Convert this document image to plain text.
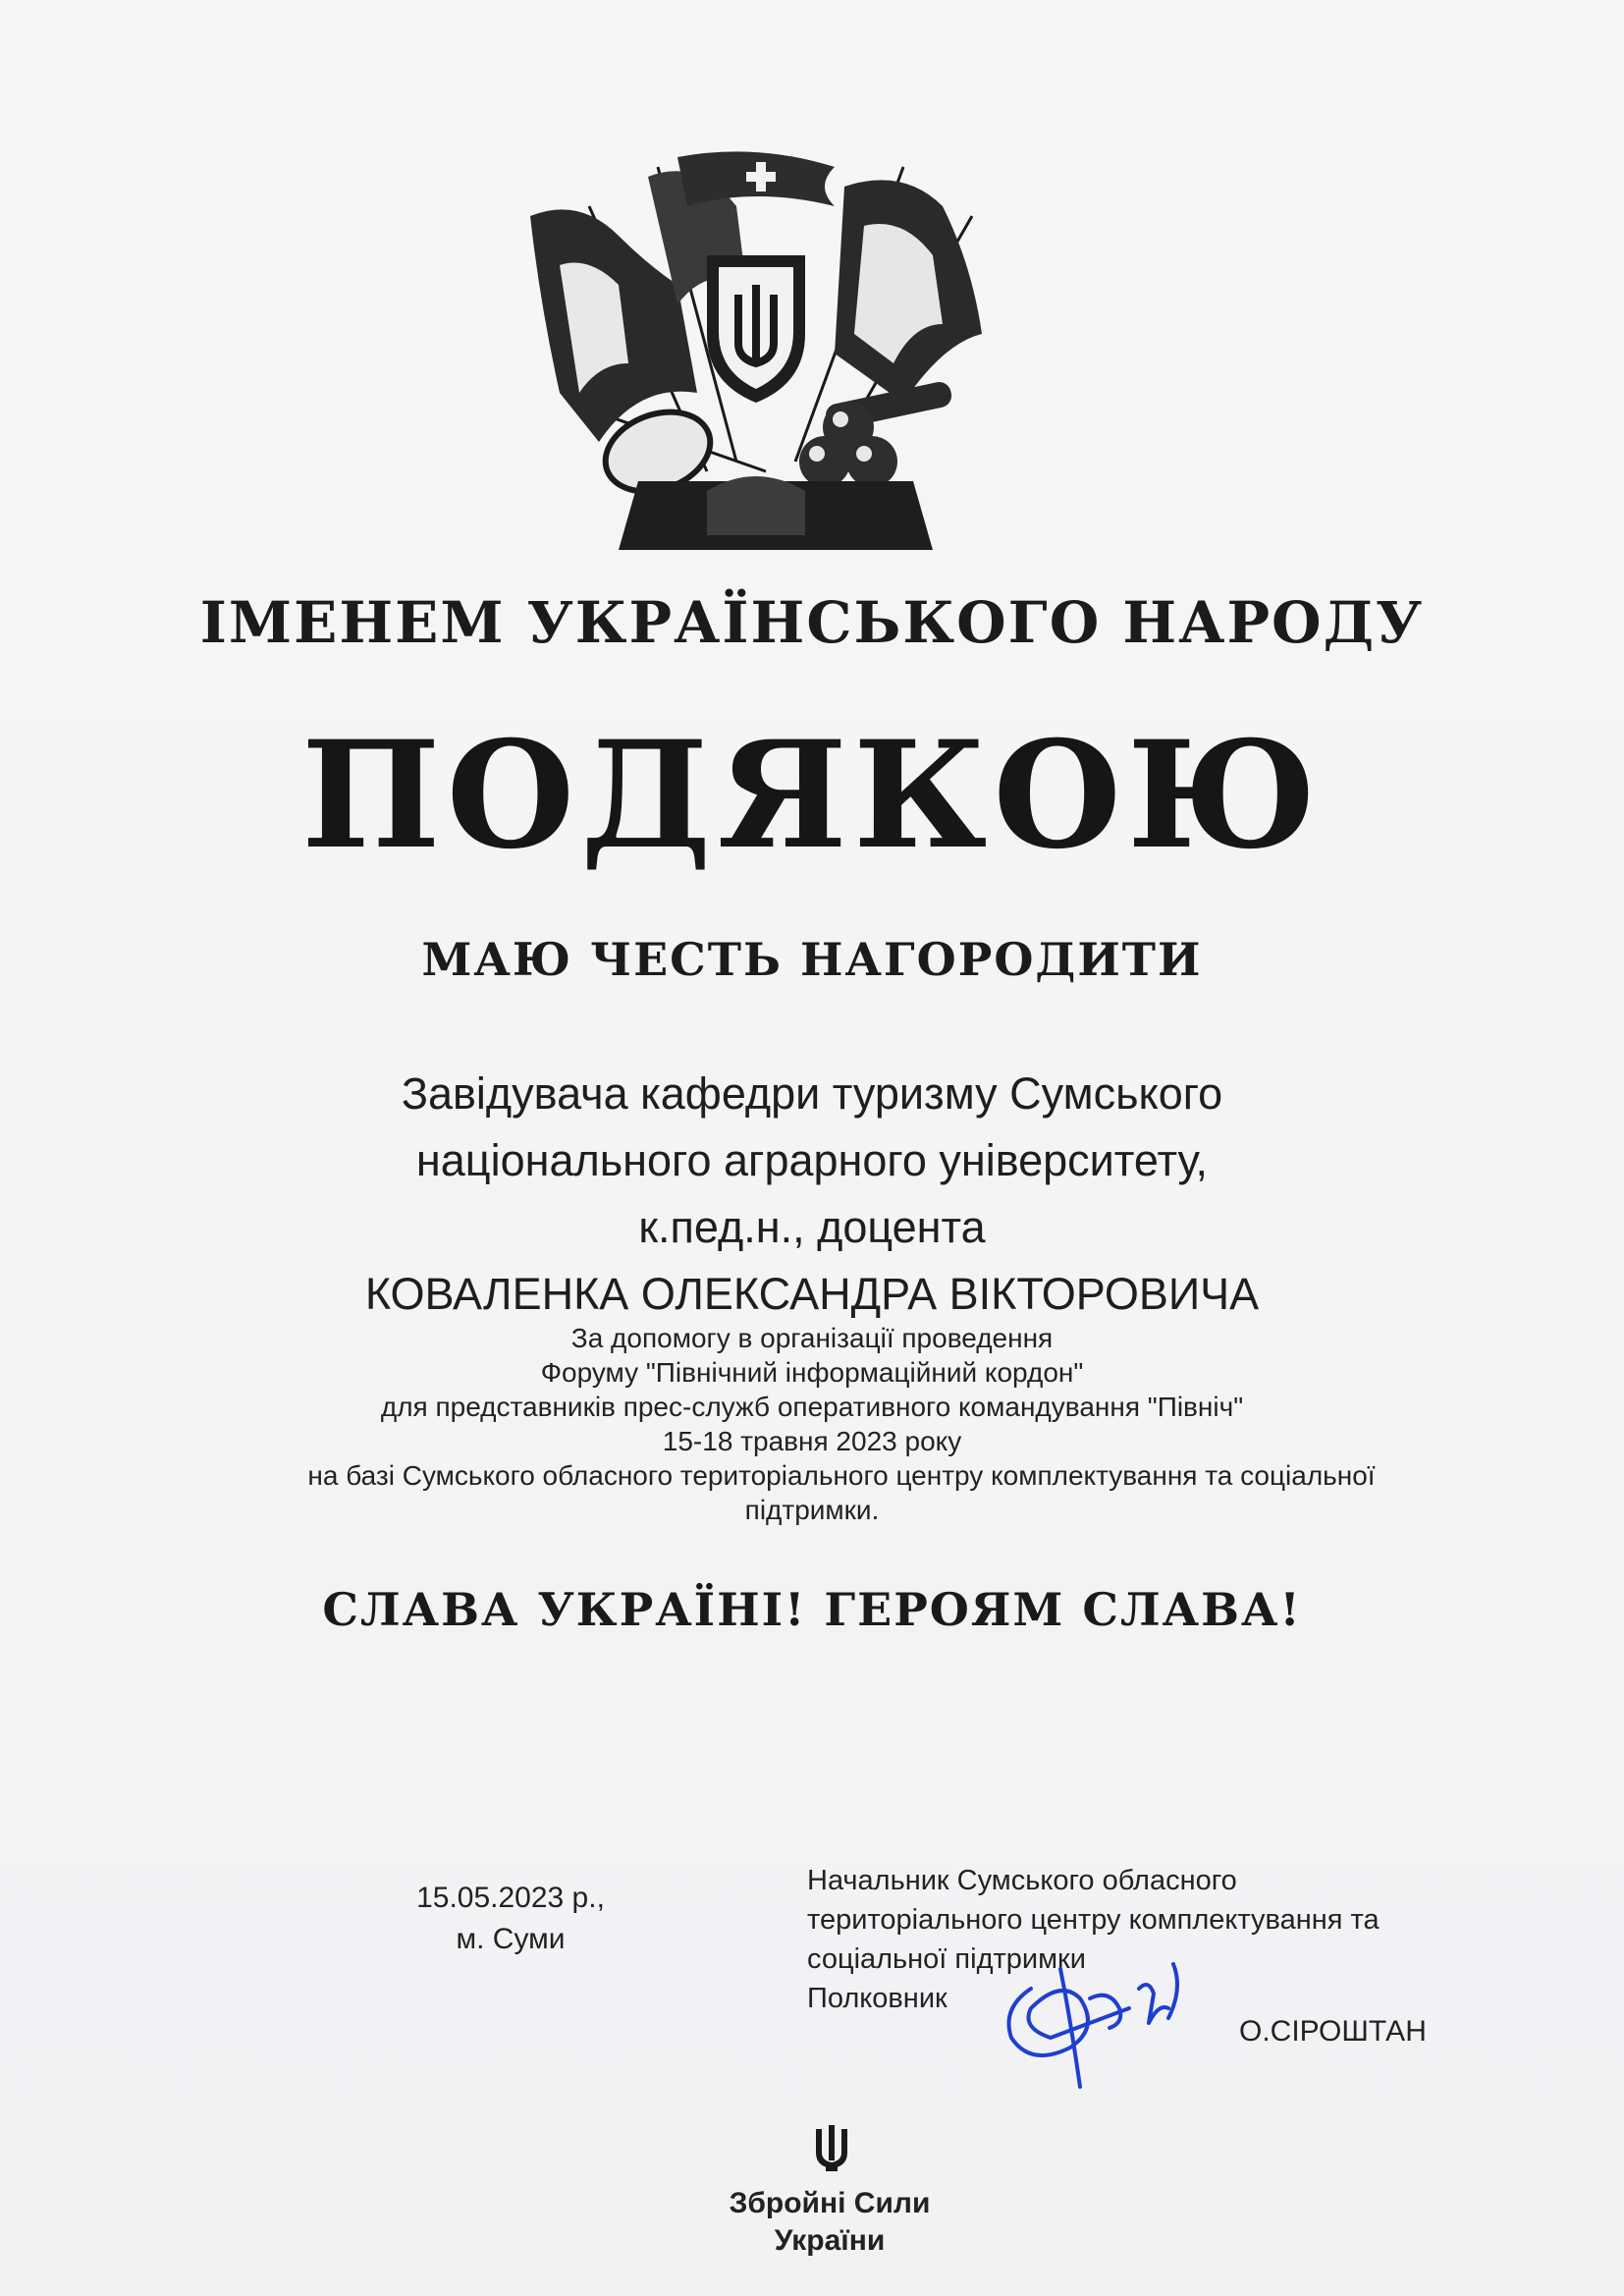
ІМЕНЕМ УКРАЇНСЬКОГО НАРОДУ
ПОДЯКОЮ
МАЮ ЧЕСТЬ НАГОРОДИТИ
Завідувача кафедри туризму Сумського
національного аграрного університету,
к.пед.н., доцента
КОВАЛЕНКА ОЛЕКСАНДРА ВІКТОРОВИЧА
За допомогу в організації проведення
Форуму "Північний інформаційний кордон"
для представників прес-служб оперативного командування "Північ"
15-18 травня 2023 року
на базі Сумського обласного територіального центру комплектування та соціальної
підтримки.
СЛАВА УКРАЇНІ! ГЕРОЯМ СЛАВА!
15.05.2023 р.,
м. Суми
Начальник Сумського обласного
територіального центру комплектування та
соціальної підтримки
Полковник
О.СІРОШТАН
Збройні Сили
України
